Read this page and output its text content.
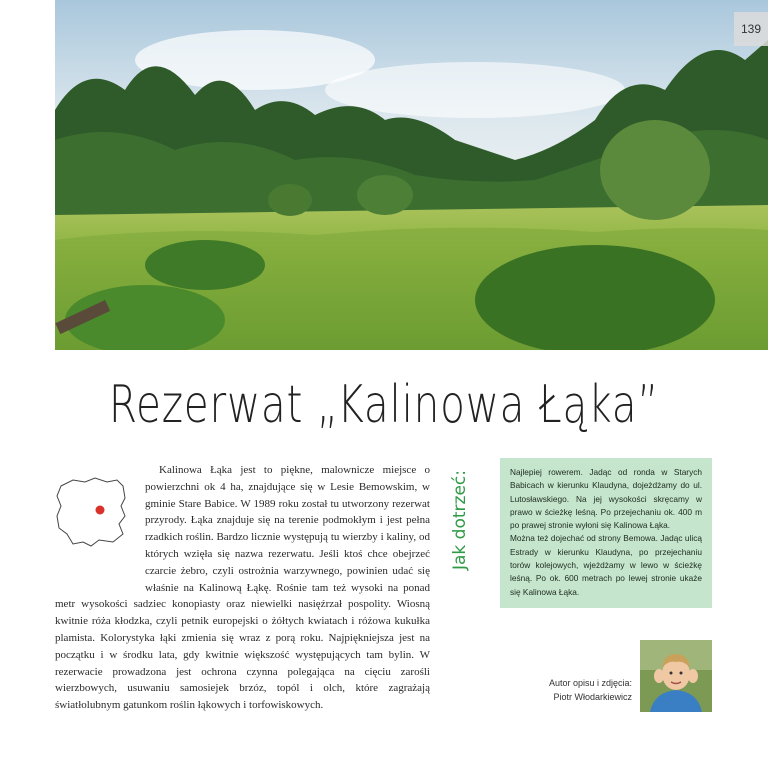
139
Rezerwat „Kalinowa Łąka”

Kalinowa Łąka jest to piękne, malownicze miejsce o powierzchni ok 4 ha, znajdujące się w Lesie Bemowskim, w gminie Stare Babice. W 1989 roku został tu utworzony rezerwat przyrody. Łąka znajduje się na terenie podmokłym i jest pełna rzadkich roślin. Bardzo licznie występują tu wierzby i kaliny, od których wzięła się nazwa rezerwatu. Jeśli ktoś chce obejrzeć czarcie żebro, czyli ostrożnia warzywnego, powinien udać się właśnie na Kalinową Łąkę. Rośnie tam też wysoki na ponad metr wysokości sadziec konopiasty oraz niewielki nasięźrzał pospolity. Wiosną kwitnie róża kłodzka, czyli petnik europejski o żółtych kwiatach i różowa kukułka plamista. Kolorystyka łąki zmienia się wraz z porą roku. Najpiękniejsza jest na początku i w środku lata, gdy kwitnie większość występujących tam bylin. W rezerwacie prowadzona jest ochrona czynna polegająca na cięciu zarośli wierzbowych, usuwaniu samosiejek brzóz, topól i olch, które zagrażają światłolubnym gatunkom roślin łąkowych i torfowiskowych.

Jak dotrzeć:	Najlepiej rowerem. Jadąc od ronda w Starych Babicach w kierunku Klaudyna, dojeżdżamy do ul. Lutosławskiego. Na jej wysokości skręcamy w prawo w ścieżkę leśną. Po przejechaniu ok. 400 m po prawej stronie wyłoni się Kalinowa Łąka.

Można też dojechać od strony Bemowa. Jadąc ulicą Estrady w kierunku Klaudyna, po przejechaniu torów kolejowych, wjeżdżamy w lewo w ścieżkę leśną. Po ok. 600 metrach po lewej stronie ukaże się Kalinowa Łąka.

Autor opisu i zdjęcia:
Piotr Włodarkiewicz
